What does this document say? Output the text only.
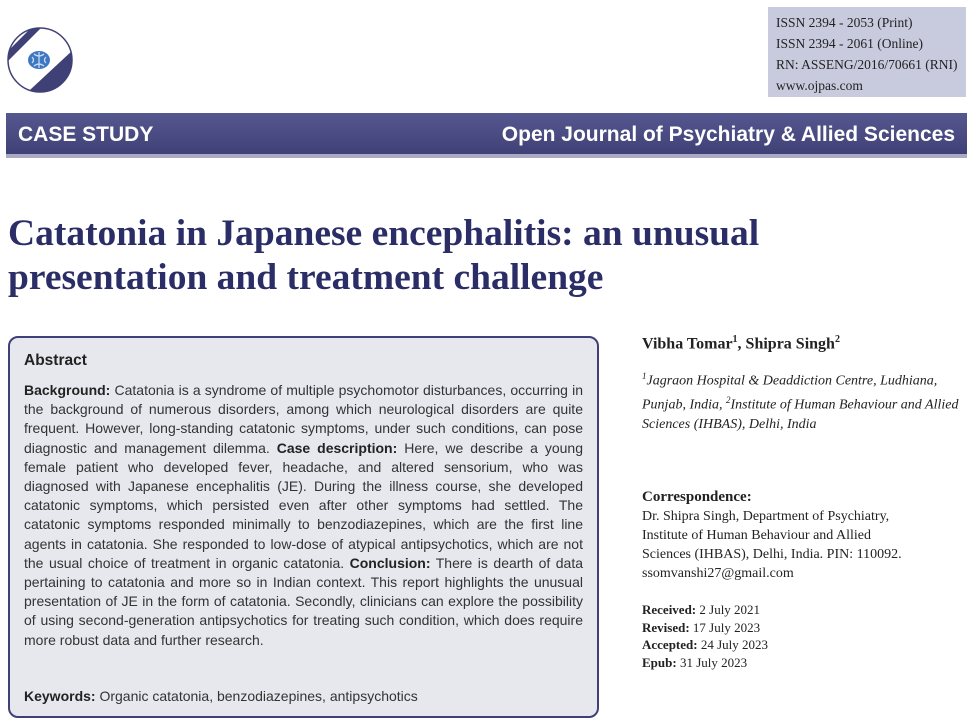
ISSN 2394 - 2053 (Print)
ISSN 2394 - 2061 (Online)
RN: ASSENG/2016/70661 (RNI)
www.ojpas.com
CASE STUDY	Open Journal of Psychiatry & Allied Sciences
Catatonia in Japanese encephalitis: an unusual presentation and treatment challenge

Abstract

Background: Catatonia is a syndrome of multiple psychomotor disturbances, occurring in the background of numerous disorders, among which neurological disorders are quite frequent. However, long-standing catatonic symptoms, under such conditions, can pose diagnostic and management dilemma. Case description: Here, we describe a young female patient who developed fever, headache, and altered sensorium, who was diagnosed with Japanese encephalitis (JE). During the illness course, she developed catatonic symptoms, which persisted even after other symptoms had settled. The catatonic symptoms responded minimally to benzodiazepines, which are the first line agents in catatonia. She responded to low-dose of atypical antipsychotics, which are not the usual choice of treatment in organic catatonia. Conclusion: There is dearth of data pertaining to catatonia and more so in Indian context. This report highlights the unusual presentation of JE in the form of catatonia. Secondly, clinicians can explore the possibility of using second-generation antipsychotics for treating such condition, which does require more robust data and further research.

Keywords: Organic catatonia, benzodiazepines, antipsychotics
Vibha Tomar$^1$, Shipra Singh$^2$
$^1$Jagraon Hospital & Deaddiction Centre, Ludhiana, Punjab, India, $^2$Institute of Human Behaviour and Allied Sciences (IHBAS), Delhi, India
Correspondence:
Dr. Shipra Singh, Department of Psychiatry,
Institute of Human Behaviour and Allied
Sciences (IHBAS), Delhi, India. PIN: 110092.
ssomvanshi27@gmail.com
Received: 2 July 2021
Revised: 17 July 2023
Accepted: 24 July 2023
Epub: 31 July 2023
